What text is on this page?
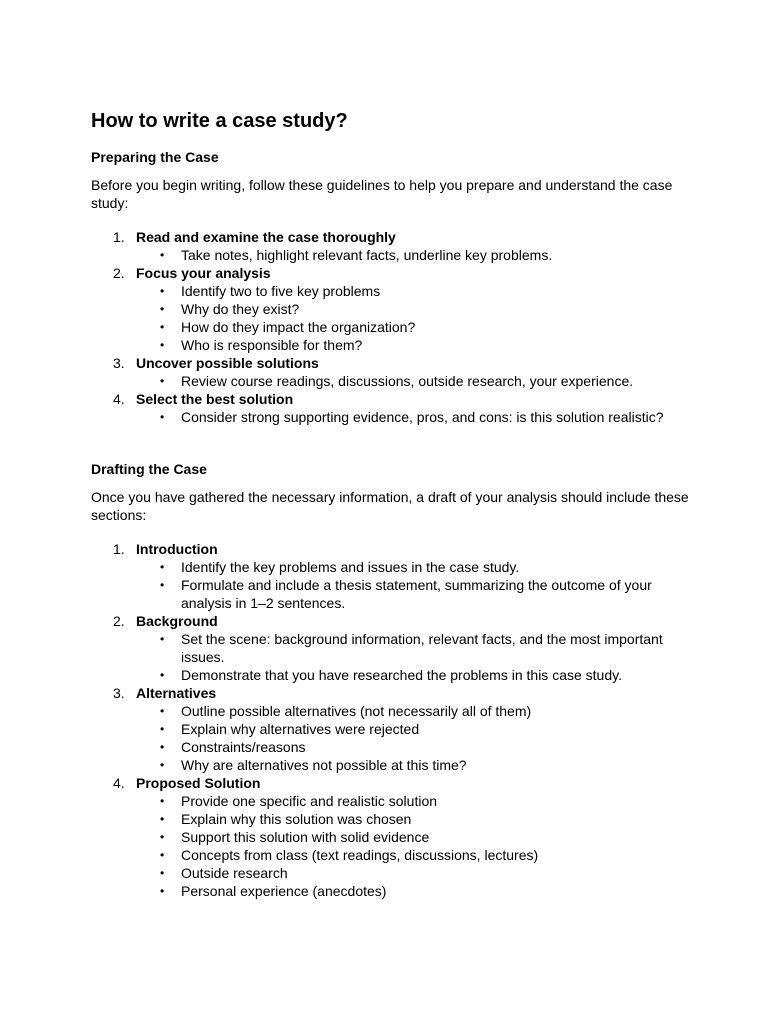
How to write a case study?
Preparing the Case

Before you begin writing, follow these guidelines to help you prepare and understand the case study:

1. Read and examine the case thoroughly
• Take notes, highlight relevant facts, underline key problems.
2. Focus your analysis
• Identify two to five key problems
• Why do they exist?
• How do they impact the organization?
• Who is responsible for them?
3. Uncover possible solutions
• Review course readings, discussions, outside research, your experience.
4. Select the best solution
• Consider strong supporting evidence, pros, and cons: is this solution realistic?
Drafting the Case

Once you have gathered the necessary information, a draft of your analysis should include these sections:

1. Introduction
• Identify the key problems and issues in the case study.
• Formulate and include a thesis statement, summarizing the outcome of your analysis in 1–2 sentences.
2. Background
• Set the scene: background information, relevant facts, and the most important issues.
• Demonstrate that you have researched the problems in this case study.
3. Alternatives
• Outline possible alternatives (not necessarily all of them)
• Explain why alternatives were rejected
• Constraints/reasons
• Why are alternatives not possible at this time?
4. Proposed Solution
• Provide one specific and realistic solution
• Explain why this solution was chosen
• Support this solution with solid evidence
• Concepts from class (text readings, discussions, lectures)
• Outside research
• Personal experience (anecdotes)
